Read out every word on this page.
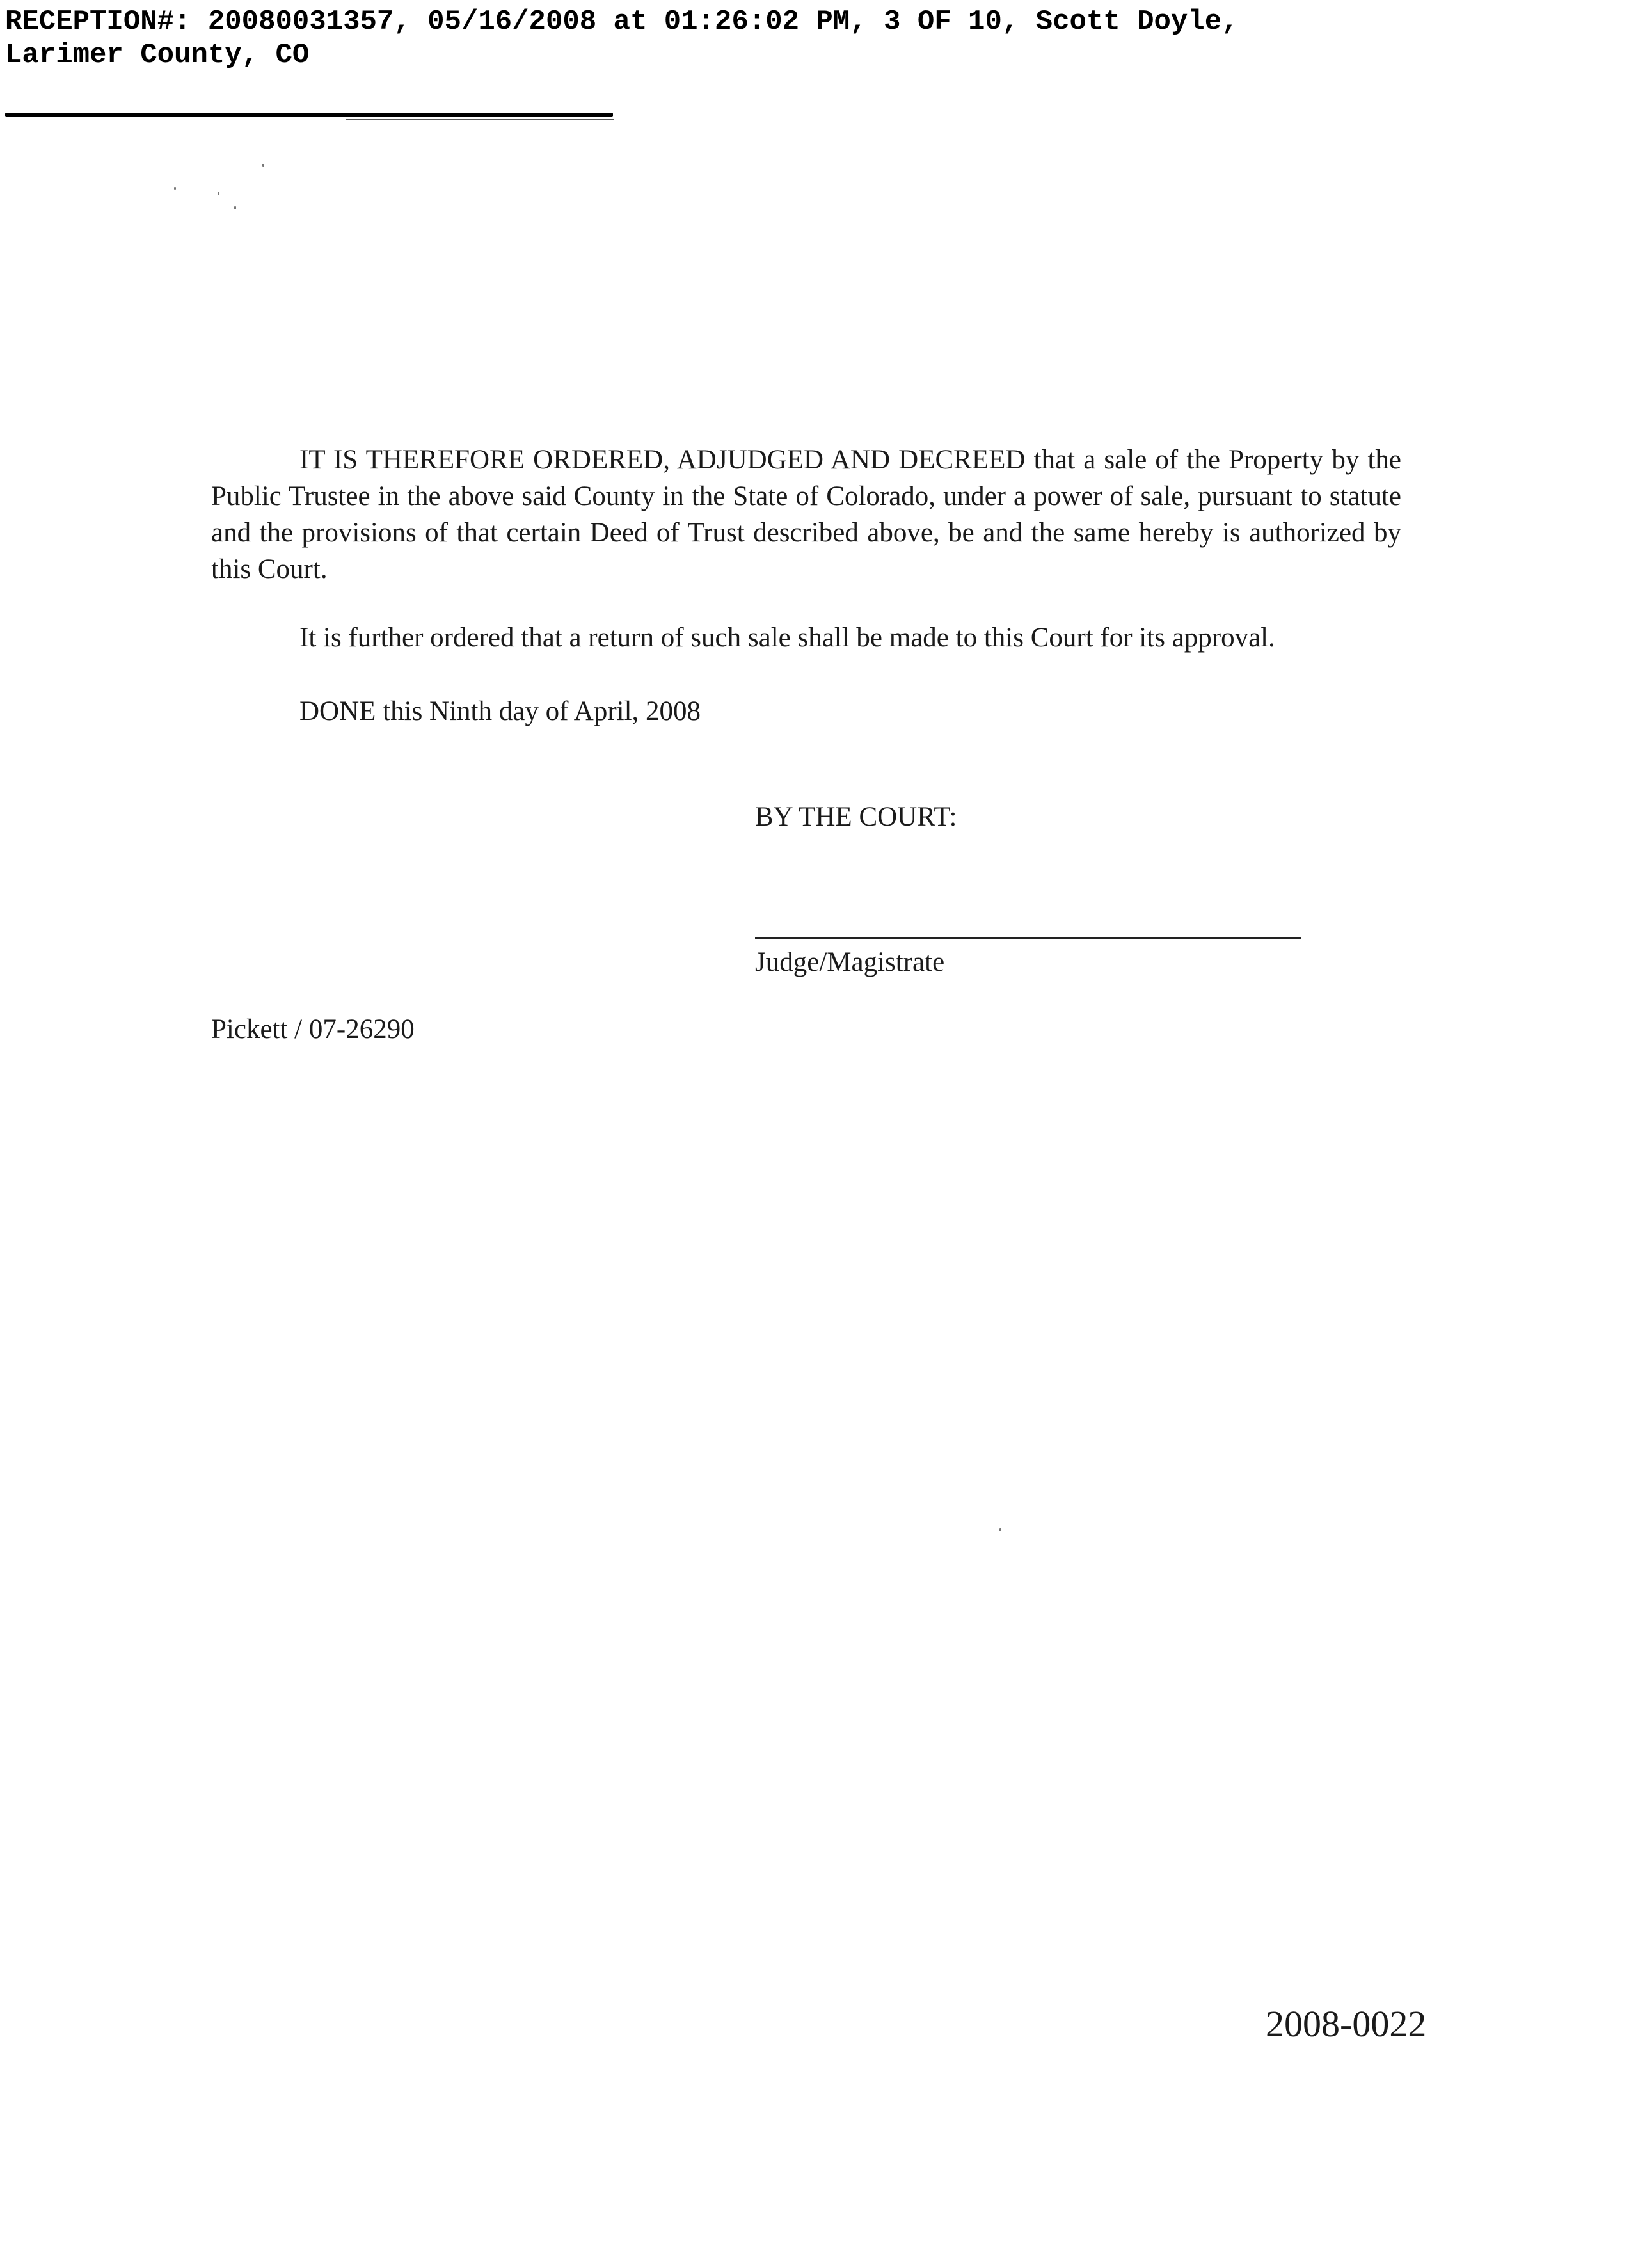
RECEPTION#: 20080031357, 05/16/2008 at 01:26:02 PM, 3 OF 10, Scott Doyle,
Larimer County, CO

IT IS THEREFORE ORDERED, ADJUDGED AND DECREED that a sale of the Property by the Public Trustee in the above said County in the State of Colorado, under a power of sale, pursuant to statute and the provisions of that certain Deed of Trust described above, be and the same hereby is authorized by this Court.

It is further ordered that a return of such sale shall be made to this Court for its approval.

DONE this Ninth day of April, 2008

BY THE COURT:
Judge/Magistrate
Pickett / 07-26290
2008-0022
